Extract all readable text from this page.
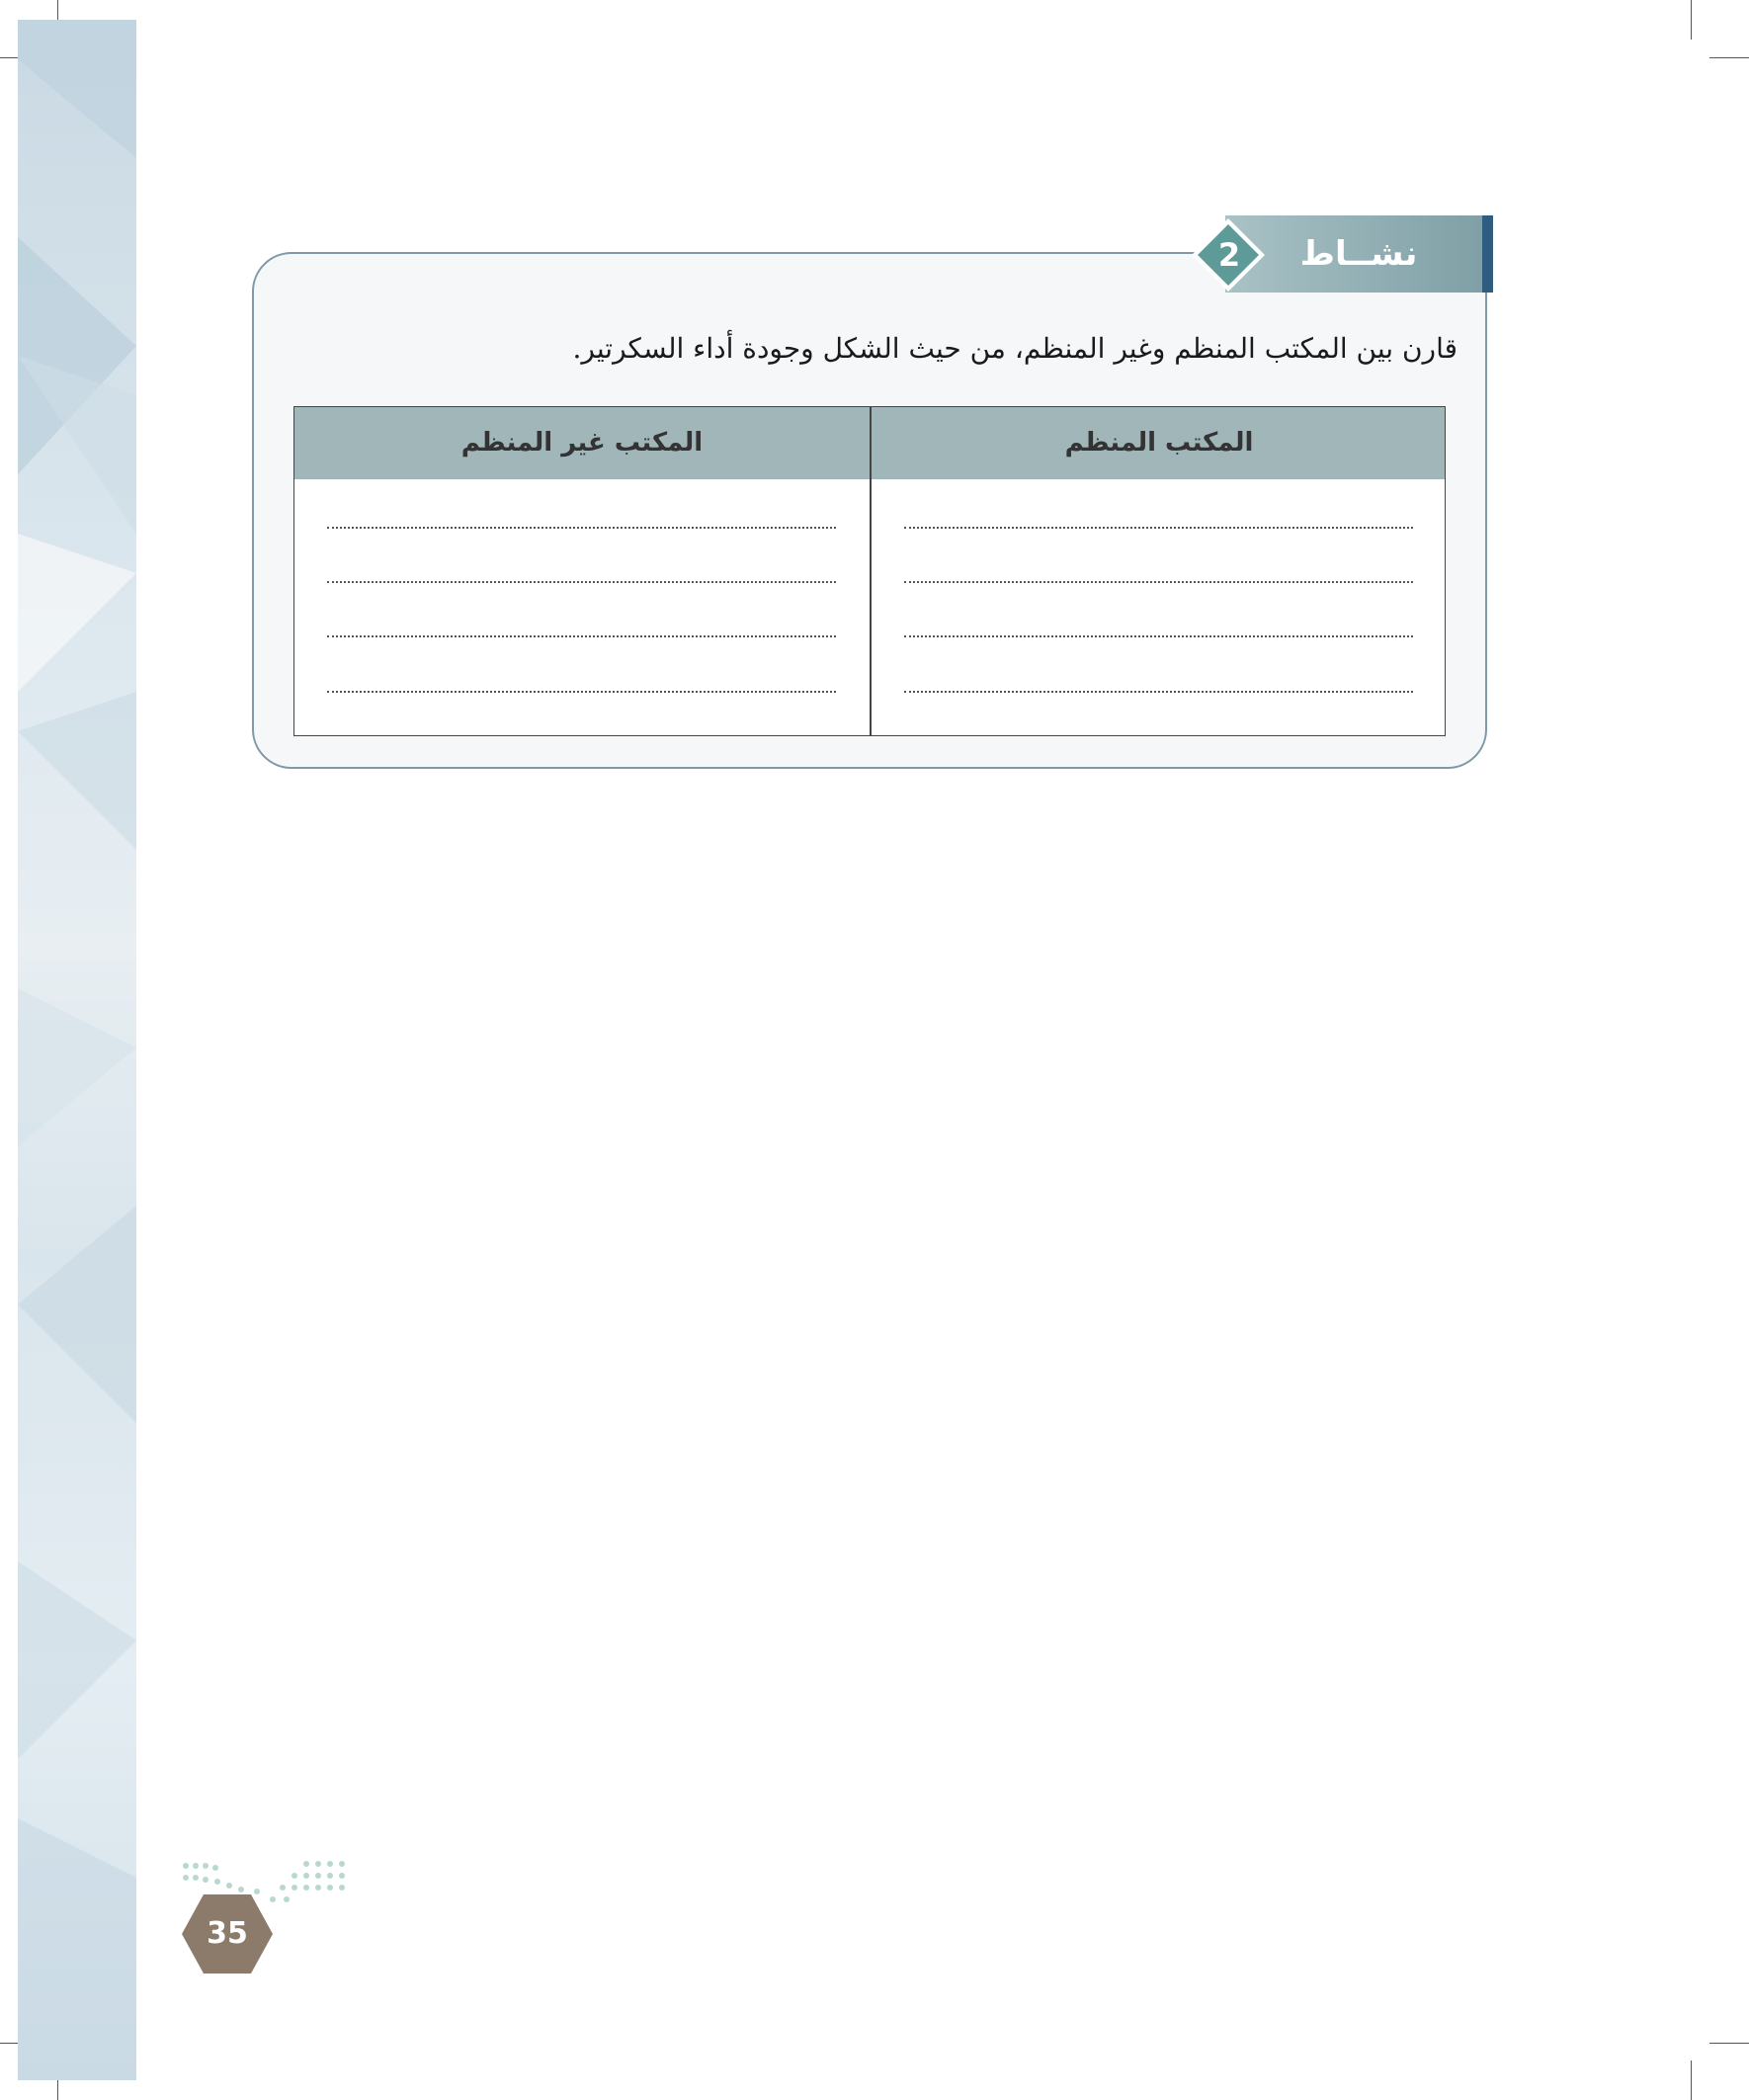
نشــاط
2
قارن بين المكتب المنظم وغير المنظم، من حيث الشكل وجودة أداء السكرتير.
المكتب المنظم
المكتب غير المنظم
35
